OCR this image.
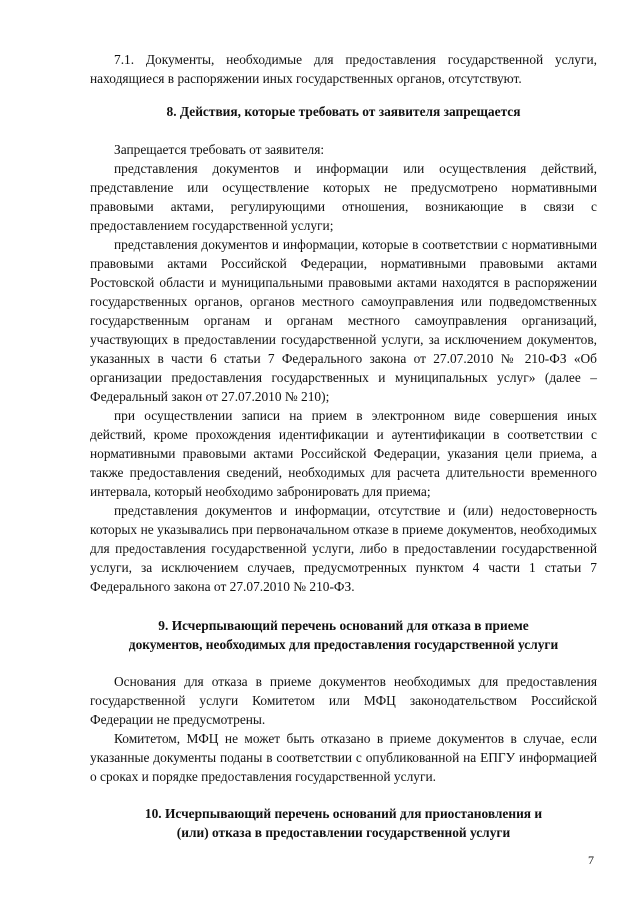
7.1. Документы, необходимые для предоставления государственной услуги, находящиеся в распоряжении иных государственных органов, отсутствуют.

8. Действия, которые требовать от заявителя запрещается

Запрещается требовать от заявителя:

представления документов и информации или осуществления действий, представление или осуществление которых не предусмотрено нормативными правовыми актами, регулирующими отношения, возникающие в связи с предоставлением государственной услуги;

представления документов и информации, которые в соответствии с нормативными правовыми актами Российской Федерации, нормативными правовыми актами Ростовской области и муниципальными правовыми актами находятся в распоряжении государственных органов, органов местного самоуправления или подведомственных государственным органам и органам местного самоуправления организаций, участвующих в предоставлении государственной услуги, за исключением документов, указанных в части 6 статьи 7 Федерального закона от 27.07.2010 № 210-ФЗ «Об организации предоставления государственных и муниципальных услуг» (далее – Федеральный закон от 27.07.2010 № 210);

при осуществлении записи на прием в электронном виде совершения иных действий, кроме прохождения идентификации и аутентификации в соответствии с нормативными правовыми актами Российской Федерации, указания цели приема, а также предоставления сведений, необходимых для расчета длительности временного интервала, который необходимо забронировать для приема;

представления документов и информации, отсутствие и (или) недостоверность которых не указывались при первоначальном отказе в приеме документов, необходимых для предоставления государственной услуги, либо в предоставлении государственной услуги, за исключением случаев, предусмотренных пунктом 4 части 1 статьи 7 Федерального закона от 27.07.2010 № 210-ФЗ.

9. Исчерпывающий перечень оснований для отказа в приеме
документов, необходимых для предоставления государственной услуги

Основания для отказа в приеме документов необходимых для предоставления государственной услуги Комитетом или МФЦ законодательством Российской Федерации не предусмотрены.

Комитетом, МФЦ не может быть отказано в приеме документов в случае, если указанные документы поданы в соответствии с опубликованной на ЕПГУ информацией о сроках и порядке предоставления государственной услуги.

10. Исчерпывающий перечень оснований для приостановления и
(или) отказа в предоставлении государственной услуги
7
